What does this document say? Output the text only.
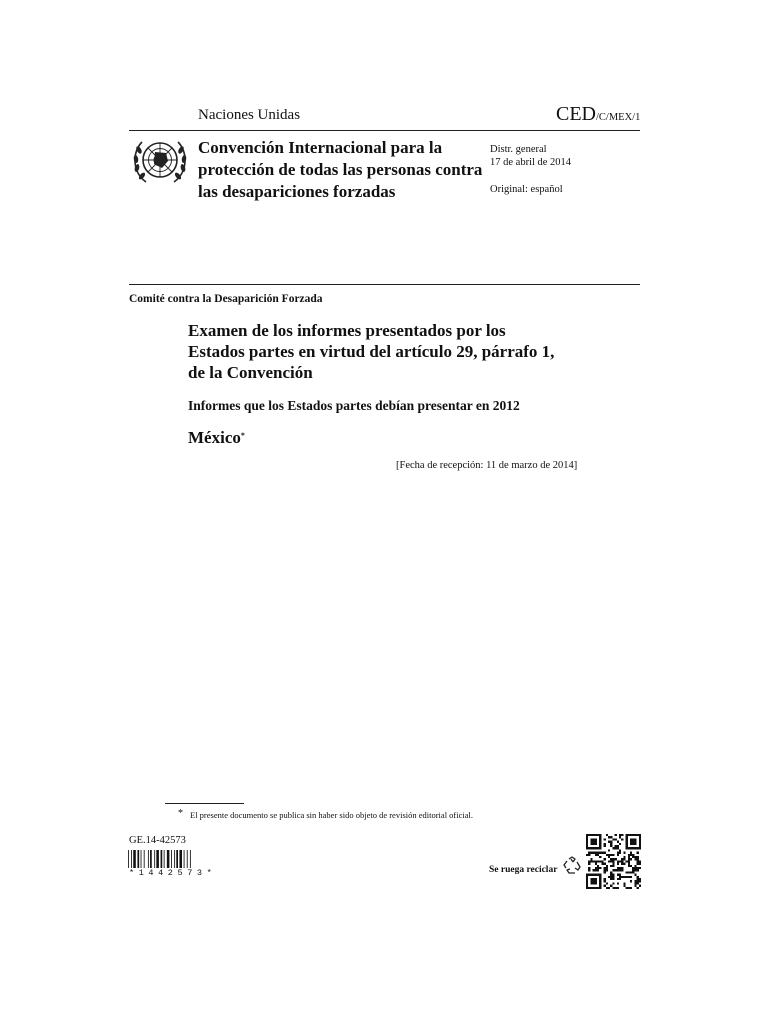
Naciones Unidas	CED/C/MEX/1
Convención Internacional para la protección de todas las personas contra las desapariciones forzadas
Distr. general
17 de abril de 2014
Original: español
Comité contra la Desaparición Forzada
Examen de los informes presentados por los Estados partes en virtud del artículo 29, párrafo 1, de la Convención
Informes que los Estados partes debían presentar en 2012
México*
[Fecha de recepción: 11 de marzo de 2014]
* El presente documento se publica sin haber sido objeto de revisión editorial oficial.
GE.14-42573
*1442573*	Se ruega reciclar
